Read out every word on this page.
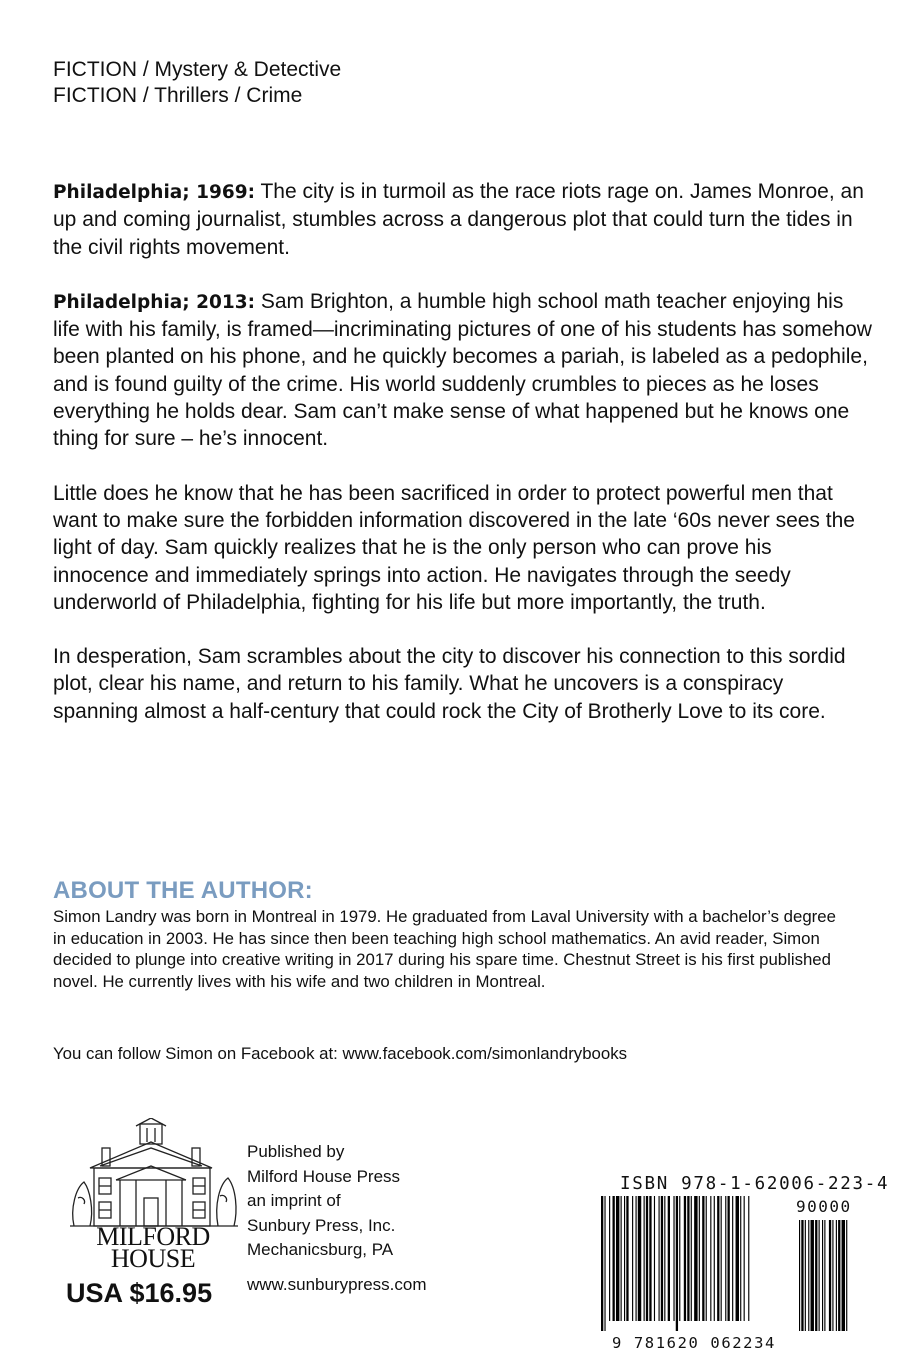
FICTION / Mystery & Detective
FICTION / Thrillers / Crime

Philadelphia; 1969: The city is in turmoil as the race riots rage on. James Monroe, an up and coming journalist, stumbles across a dangerous plot that could turn the tides in the civil rights movement.

Philadelphia; 2013: Sam Brighton, a humble high school math teacher enjoying his life with his family, is framed—incriminating pictures of one of his students has somehow been planted on his phone, and he quickly becomes a pariah, is labeled as a pedophile, and is found guilty of the crime. His world suddenly crumbles to pieces as he loses everything he holds dear. Sam can’t make sense of what happened but he knows one thing for sure – he’s innocent.

Little does he know that he has been sacrificed in order to protect powerful men that want to make sure the forbidden information discovered in the late ‘60s never sees the light of day. Sam quickly realizes that he is the only person who can prove his innocence and immediately springs into action. He navigates through the seedy underworld of Philadelphia, fighting for his life but more importantly, the truth.

In desperation, Sam scrambles about the city to discover his connection to this sordid plot, clear his name, and return to his family. What he uncovers is a conspiracy spanning almost a half-century that could rock the City of Brotherly Love to its core.

ABOUT THE AUTHOR:

Simon Landry was born in Montreal in 1979. He graduated from Laval University with a bachelor’s degree in education in 2003. He has since then been teaching high school mathematics. An avid reader, Simon decided to plunge into creative writing in 2017 during his spare time. Chestnut Street is his first published novel. He currently lives with his wife and two children in Montreal.

You can follow Simon on Facebook at: www.facebook.com/simonlandrybooks
MILFORD
HOUSE
USA $16.95
Published by
Milford House Press
an imprint of
Sunbury Press, Inc.
Mechanicsburg, PA
www.sunburypress.com
ISBN 978-1-62006-223-4
90000
9 781620 062234
